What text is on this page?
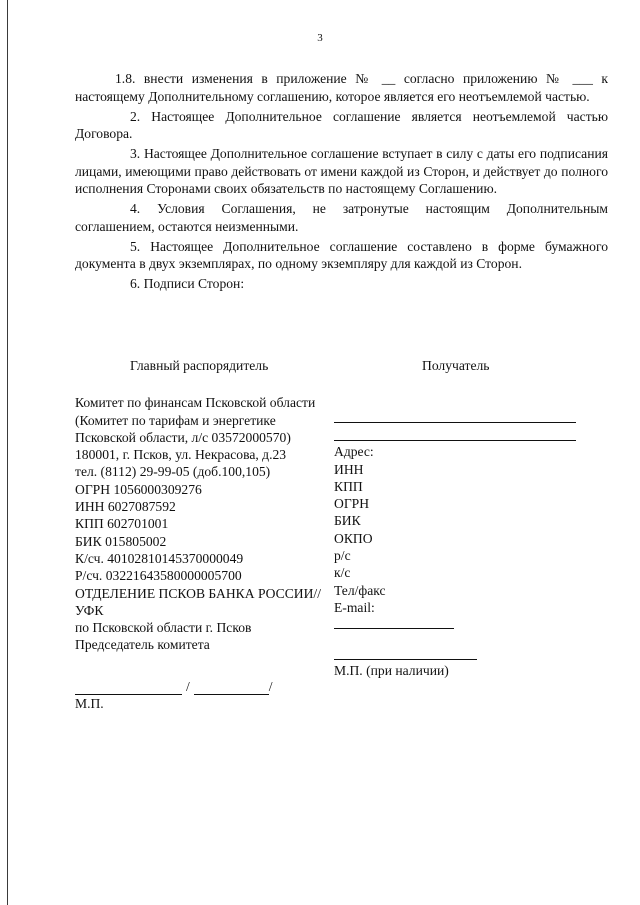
3

1.8. внести изменения в приложение № __ согласно приложению № ___ к настоящему Дополнительному соглашению, которое является его неотъемлемой частью.

2. Настоящее Дополнительное соглашение является неотъемлемой частью Договора.

3. Настоящее Дополнительное соглашение вступает в силу с даты его подписания лицами, имеющими право действовать от имени каждой из Сторон, и действует до полного исполнения Сторонами своих обязательств по настоящему Соглашению.

4. Условия Соглашения, не затронутые настоящим Дополнительным соглашением, остаются неизменными.

5. Настоящее Дополнительное соглашение составлено в форме бумажного документа в двух экземплярах, по одному экземпляру для каждой из Сторон.

6. Подписи Сторон:

Главный распорядитель
Комитет по финансам Псковской области
(Комитет по тарифам и энергетике Псковской области, л/с 03572000570)
180001, г. Псков, ул. Некрасова, д.23
тел. (8112) 29-99-05 (доб.100,105)
ОГРН 1056000309276
ИНН 6027087592
КПП 602701001
БИК 015805002
К/сч. 40102810145370000049
Р/сч. 03221643580000005700
ОТДЕЛЕНИЕ ПСКОВ БАНКА РОССИИ//УФК
по Псковской области г. Псков
Председатель комитета
/	/
М.П.
Получатель
Адрес:
ИНН
КПП
ОГРН
БИК
ОКПО
р/с
к/с
Тел/факс
E-mail:
М.П. (при наличии)
